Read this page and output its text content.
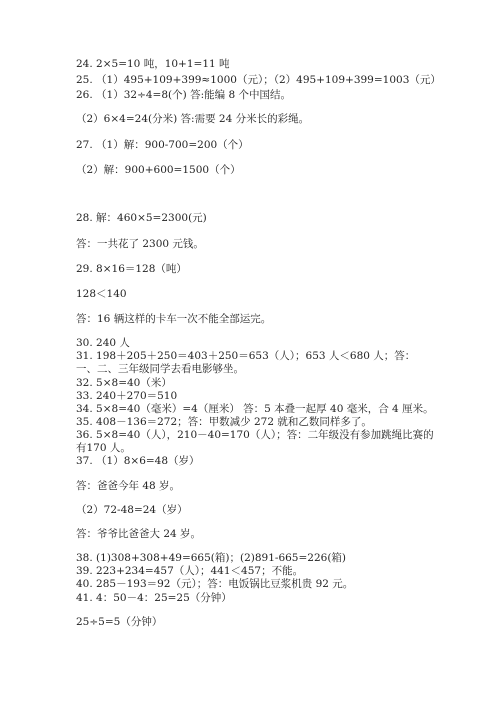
24. 2×5=10 吨，10+1=11 吨
25. （1）495+109+399≈1000（元）；（2）495+109+399=1003（元）
26. （1）32÷4=8(个) 答:能编 8 个中国结。
（2）6×4=24(分米) 答:需要 24 分米长的彩绳。
27. （1）解：900-700=200（个）
（2）解：900+600=1500（个）
28. 解：460×5=2300(元)
答：一共花了 2300 元钱。
29. 8×16＝128（吨）
128＜140
答：16 辆这样的卡车一次不能全部运完。
30. 240 人
31. 198＋205＋250＝403＋250＝653（人）；653 人＜680 人；答：一、二、三年级同学去看电影够坐。
32. 5×8=40（米）
33. 240＋270＝510
34. 5×8=40（毫米）=4（厘米） 答：5 本叠一起厚 40 毫米，合 4 厘米。
35. 408－136＝272；答：甲数减少 272 就和乙数同样多了。
36. 5×8=40（人），210－40=170（人）；答：二年级没有参加跳绳比赛的有170 人。
37. （1）8×6=48（岁）
答：爸爸今年 48 岁。
（2）72-48=24（岁）
答：爷爷比爸爸大 24 岁。
38. (1)308+308+49=665(箱)；(2)891-665=226(箱)
39. 223+234=457（人）；441＜457；不能。
40. 285－193＝92（元）；答：电饭锅比豆浆机贵 92 元。
41. 4：50－4：25=25（分钟）
25÷5=5（分钟）
